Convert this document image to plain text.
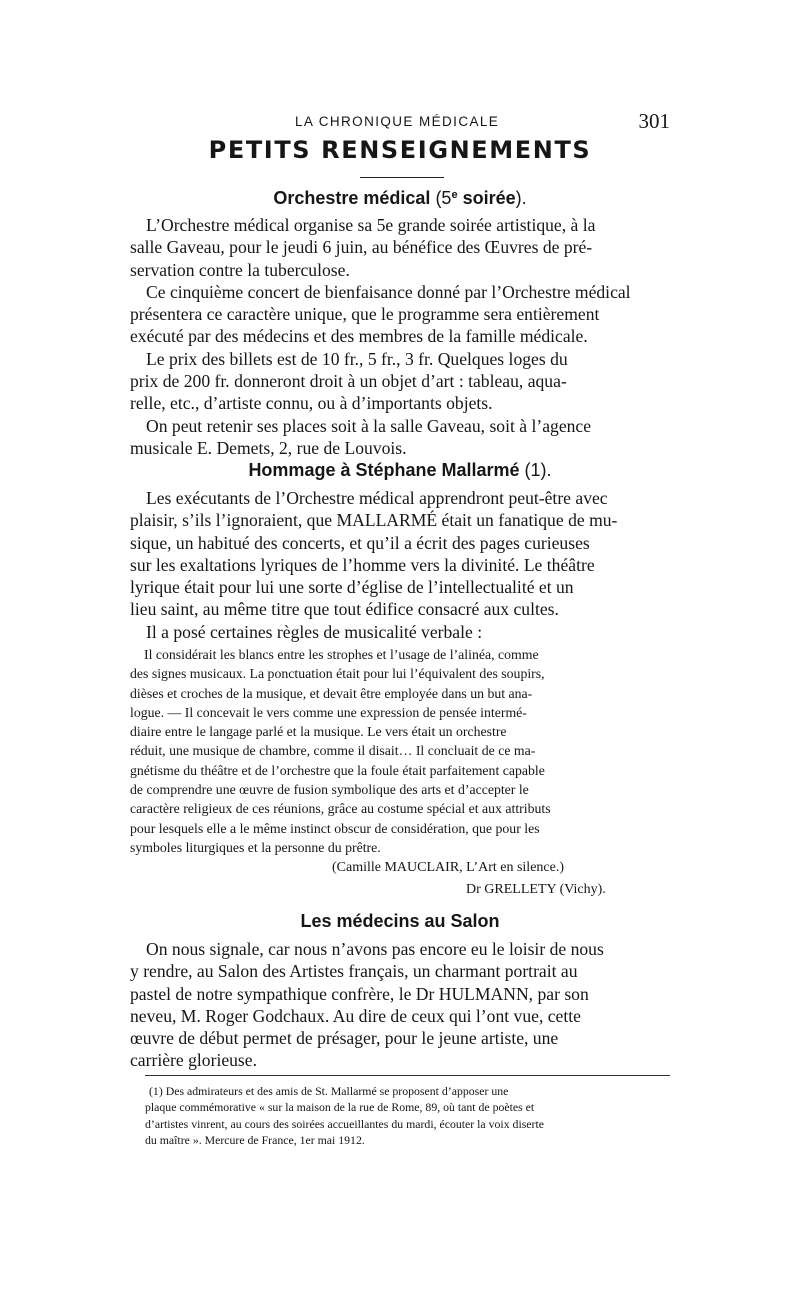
LA CHRONIQUE MÉDICALE	301
PETITS RENSEIGNEMENTS
Orchestre médical (5e soirée).
L’Orchestre médical organise sa 5e grande soirée artistique, à la
salle Gaveau, pour le jeudi 6 juin, au bénéfice des Œuvres de pré-
servation contre la tuberculose.
Ce cinquième concert de bienfaisance donné par l’Orchestre médical
présentera ce caractère unique, que le programme sera entièrement
exécuté par des médecins et des membres de la famille médicale.
Le prix des billets est de 10 fr., 5 fr., 3 fr. Quelques loges du
prix de 200 fr. donneront droit à un objet d’art : tableau, aqua-
relle, etc., d’artiste connu, ou à d’importants objets.
On peut retenir ses places soit à la salle Gaveau, soit à l’agence
musicale E. Demets, 2, rue de Louvois.
Hommage à Stéphane Mallarmé (1).
Les exécutants de l’Orchestre médical apprendront peut-être avec
plaisir, s’ils l’ignoraient, que MALLARMÉ était un fanatique de mu-
sique, un habitué des concerts, et qu’il a écrit des pages curieuses
sur les exaltations lyriques de l’homme vers la divinité. Le théâtre
lyrique était pour lui une sorte d’église de l’intellectualité et un
lieu saint, au même titre que tout édifice consacré aux cultes.
Il a posé certaines règles de musicalité verbale :
Il considérait les blancs entre les strophes et l’usage de l’alinéa, comme
des signes musicaux. La ponctuation était pour lui l’équivalent des soupirs,
dièses et croches de la musique, et devait être employée dans un but ana-
logue. — Il concevait le vers comme une expression de pensée intermé-
diaire entre le langage parlé et la musique. Le vers était un orchestre
réduit, une musique de chambre, comme il disait… Il concluait de ce ma-
gnétisme du théâtre et de l’orchestre que la foule était parfaitement capable
de comprendre une œuvre de fusion symbolique des arts et d’accepter le
caractère religieux de ces réunions, grâce au costume spécial et aux attributs
pour lesquels elle a le même instinct obscur de considération, que pour les
symboles liturgiques et la personne du prêtre.
(Camille MAUCLAIR, L’Art en silence.)
Dr GRELLETY (Vichy).
Les médecins au Salon
On nous signale, car nous n’avons pas encore eu le loisir de nous
y rendre, au Salon des Artistes français, un charmant portrait au
pastel de notre sympathique confrère, le Dr HULMANN, par son
neveu, M. Roger Godchaux. Au dire de ceux qui l’ont vue, cette
œuvre de début permet de présager, pour le jeune artiste, une
carrière glorieuse.
(1) Des admirateurs et des amis de St. Mallarmé se proposent d’apposer une
plaque commémorative « sur la maison de la rue de Rome, 89, où tant de poètes et
d’artistes vinrent, au cours des soirées accueillantes du mardi, écouter la voix diserte
du maître ». Mercure de France, 1er mai 1912.
